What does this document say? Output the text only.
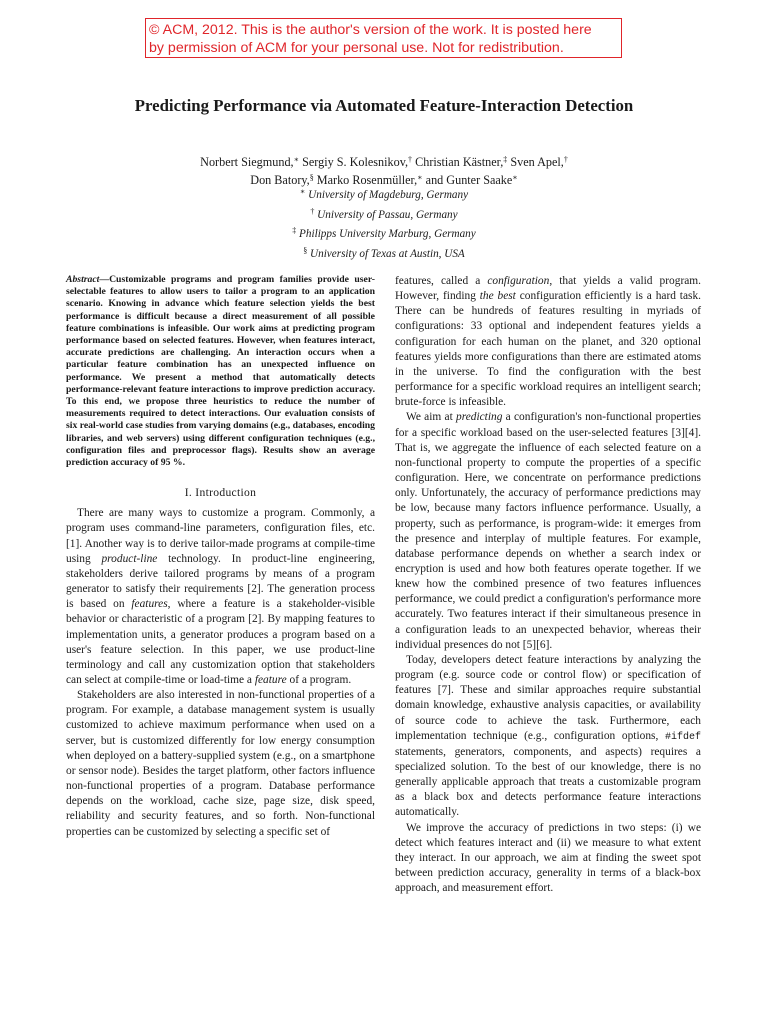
© ACM, 2012. This is the author's version of the work. It is posted here

by permission of ACM for your personal use. Not for redistribution.

Predicting Performance via Automated Feature-Interaction Detection

Norbert Siegmund,∗ Sergiy S. Kolesnikov,† Christian Kästner,‡ Sven Apel,†

Don Batory,§ Marko Rosenmüller,∗ and Gunter Saake∗

∗ University of Magdeburg, Germany

† University of Passau, Germany

‡ Philipps University Marburg, Germany

§ University of Texas at Austin, USA

Abstract—Customizable programs and program families provide user-selectable features to allow users to tailor a program to an application scenario. Knowing in advance which feature selection yields the best performance is difficult because a direct measurement of all possible feature combinations is infeasible. Our work aims at predicting program performance based on selected features. However, when features interact, accurate predictions are challenging. An interaction occurs when a particular feature combination has an unexpected influence on performance. We present a method that automatically detects performance-relevant feature interactions to improve prediction accuracy. To this end, we propose three heuristics to reduce the number of measurements required to detect interactions. Our evaluation consists of six real-world case studies from varying domains (e.g., databases, encoding libraries, and web servers) using different configuration techniques (e.g., configuration files and preprocessor flags). Results show an average prediction accuracy of 95 %.

I. Introduction

There are many ways to customize a program. Commonly, a program uses command-line parameters, configuration files, etc. [1]. Another way is to derive tailor-made programs at compile-time using product-line technology. In product-line engineering, stakeholders derive tailored programs by means of a program generator to satisfy their requirements [2]. The generation process is based on features, where a feature is a stakeholder-visible behavior or characteristic of a program [2]. By mapping features to implementation units, a generator produces a program based on a user's feature selection. In this paper, we use product-line terminology and call any customization option that stakeholders can select at compile-time or load-time a feature of a program.

Stakeholders are also interested in non-functional properties of a program. For example, a database management system is usually customized to achieve maximum performance when used on a server, but is customized differently for low energy consumption when deployed on a battery-supplied system (e.g., on a smartphone or sensor node). Besides the target platform, other factors influence non-functional properties of a program. Database performance depends on the workload, cache size, page size, disk speed, reliability and security features, and so forth. Non-functional properties can be customized by selecting a specific set of

features, called a configuration, that yields a valid program. However, finding the best configuration efficiently is a hard task. There can be hundreds of features resulting in myriads of configurations: 33 optional and independent features yields a configuration for each human on the planet, and 320 optional features yields more configurations than there are estimated atoms in the universe. To find the configuration with the best performance for a specific workload requires an intelligent search; brute-force is infeasible.

We aim at predicting a configuration's non-functional properties for a specific workload based on the user-selected features [3][4]. That is, we aggregate the influence of each selected feature on a non-functional property to compute the properties of a specific configuration. Here, we concentrate on performance predictions only. Unfortunately, the accuracy of performance predictions may be low, because many factors influence performance. Usually, a property, such as performance, is program-wide: it emerges from the presence and interplay of multiple features. For example, database performance depends on whether a search index or encryption is used and how both features operate together. If we knew how the combined presence of two features influences performance, we could predict a configuration's performance more accurately. Two features interact if their simultaneous presence in a configuration leads to an unexpected behavior, whereas their individual presences do not [5][6].

Today, developers detect feature interactions by analyzing the program (e.g. source code or control flow) or specification of features [7]. These and similar approaches require substantial domain knowledge, exhaustive analysis capacities, or availability of source code to achieve the task. Furthermore, each implementation technique (e.g., configuration options, #ifdef statements, generators, components, and aspects) requires a specialized solution. To the best of our knowledge, there is no generally applicable approach that treats a customizable program as a black box and detects performance feature interactions automatically.

We improve the accuracy of predictions in two steps: (i) we detect which features interact and (ii) we measure to what extent they interact. In our approach, we aim at finding the sweet spot between prediction accuracy, generality in terms of a black-box approach, and measurement effort.
